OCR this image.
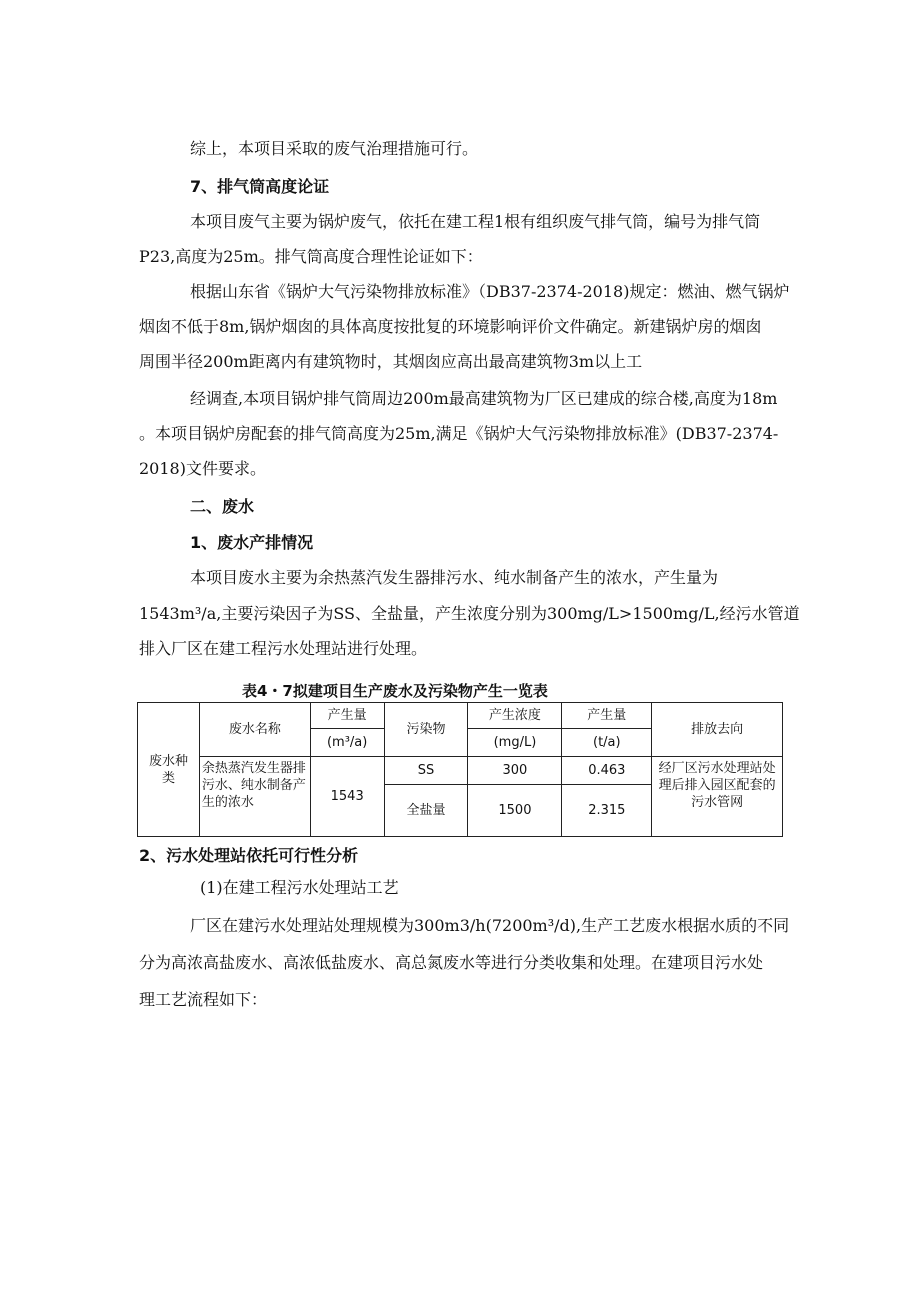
综上，本项目采取的废气治理措施可行。
7、排气筒高度论证
本项目废气主要为锅炉废气，依托在建工程1根有组织废气排气筒，编号为排气筒
P23,高度为25m。排气筒高度合理性论证如下：
根据山东省《锅炉大气污染物排放标准》（DB37-2374-2018)规定：燃油、燃气锅炉
烟囱不低于8m,锅炉烟囱的具体高度按批复的环境影响评价文件确定。新建锅炉房的烟囱
周围半径200m距离内有建筑物时，其烟囱应高出最高建筑物3m以上工
经调查,本项目锅炉排气筒周边200m最高建筑物为厂区已建成的综合楼,高度为18m
。本项目锅炉房配套的排气筒高度为25m,满足《锅炉大气污染物排放标准》(DB37-2374-
2018)文件要求。
二、废水
1、废水产排情况
本项目废水主要为余热蒸汽发生器排污水、纯水制备产生的浓水，产生量为
1543m³/a,主要污染因子为SS、全盐量，产生浓度分别为300mg/L>1500mg/L,经污水管道
排入厂区在建工程污水处理站进行处理。
表4・7拟建项目生产废水及污染物产生一览表
废水种类	废水名称	产生量	污染物	产生浓度	产生量	排放去向
		(m³/a)		(mg/L)	(t/a)	
	余热蒸汽发生器排污水、纯水制备产生的浓水	1543	SS	300	0.463	经厂区污水处理站处理后排入园区配套的污水管网
			全盐量	1500	2.315	
2、污水处理站依托可行性分析
(1)在建工程污水处理站工艺
厂区在建污水处理站处理规模为300m3/h(7200m³/d),生产工艺废水根据水质的不同
分为高浓高盐废水、高浓低盐废水、高总氮废水等进行分类收集和处理。在建项目污水处
理工艺流程如下：
